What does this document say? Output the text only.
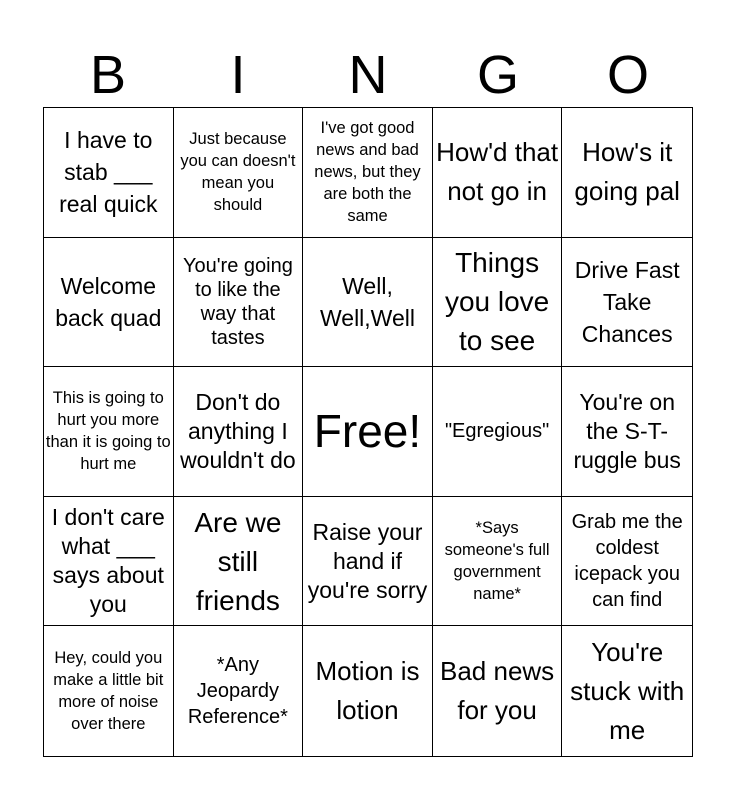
B	I	N	G	O
I have to stab ___ real quick
Just because you can doesn't mean you should
I've got good news and bad news, but they are both the same
How'd that not go in
How's it going pal
Welcome back quad
You're going to like the way that tastes
Well, Well,Well
Things you love to see
Drive Fast Take Chances
This is going to hurt you more than it is going to hurt me
Don't do anything I wouldn't do
Free! "Egregious"
You're on the S-T-ruggle bus
I don't care what ___ says about you
Are we still friends
Raise your hand if you're sorry
*Says someone's full government name*
Grab me the coldest icepack you can find
Hey, could you make a little bit more of noise over there
*Any Jeopardy Reference*
Motion is lotion
Bad news for you
You're stuck with me
